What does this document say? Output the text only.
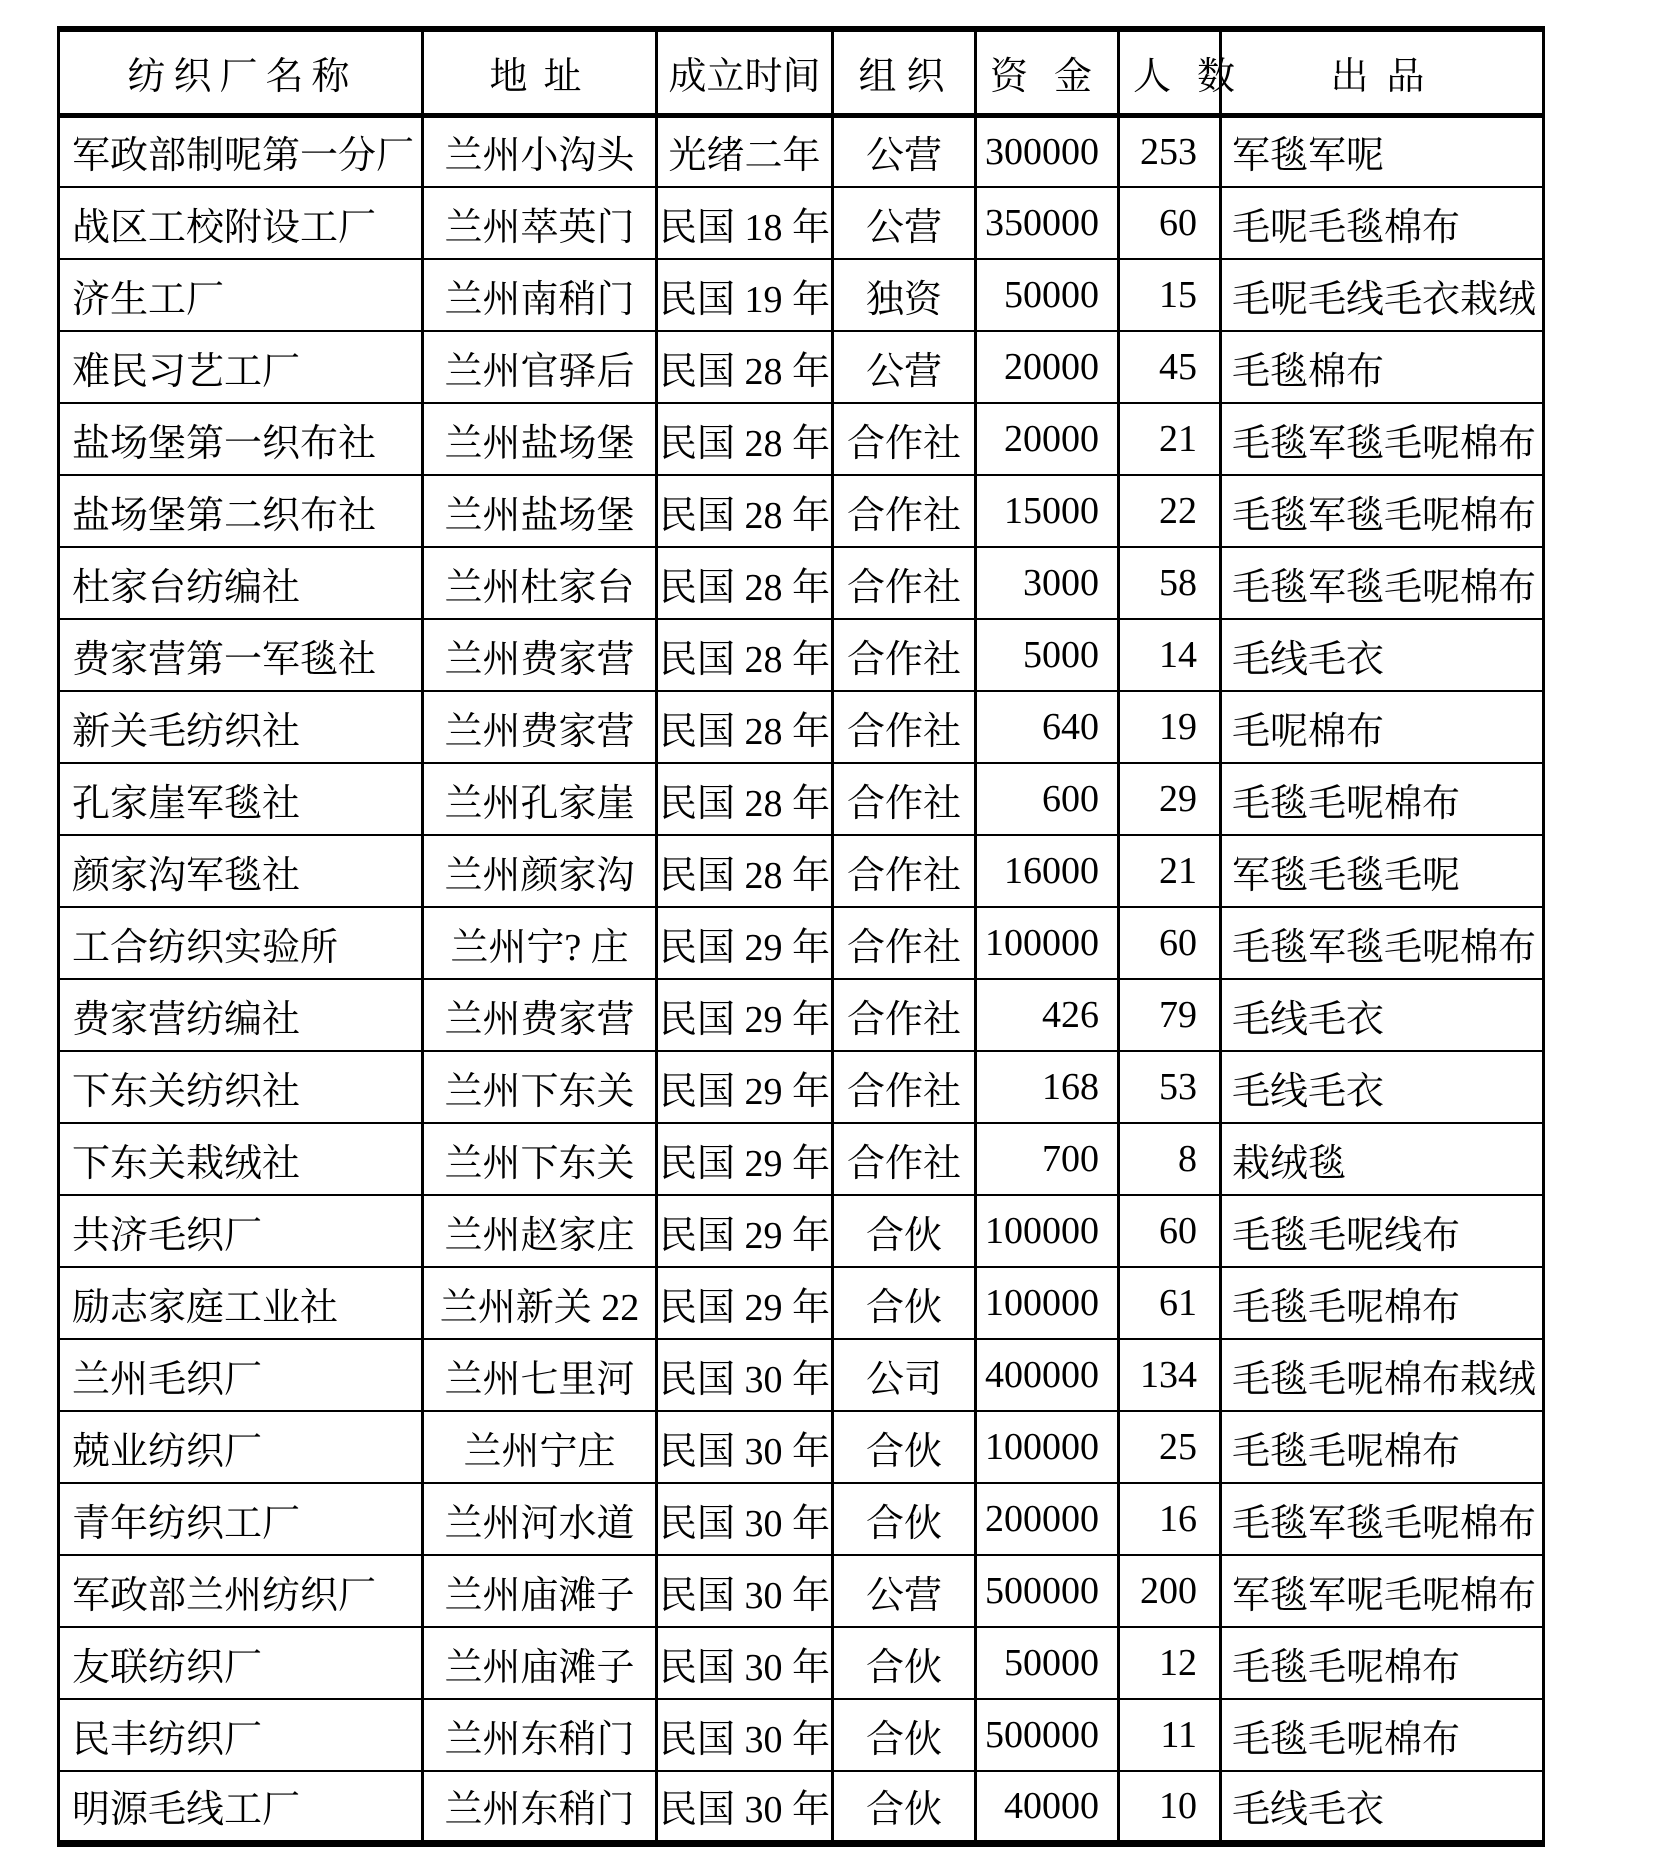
纺织厂名称	地址	成立时间	组织	资金	人数	出品
军政部制呢第一分厂	兰州小沟头	光绪二年	公营	300000	253	军毯军呢
战区工校附设工厂	兰州萃英门	民国 18 年	公营	350000	60	毛呢毛毯棉布
济生工厂	兰州南稍门	民国 19 年	独资	50000	15	毛呢毛线毛衣栽绒
难民习艺工厂	兰州官驿后	民国 28 年	公营	20000	45	毛毯棉布
盐场堡第一织布社	兰州盐场堡	民国 28 年	合作社	20000	21	毛毯军毯毛呢棉布
盐场堡第二织布社	兰州盐场堡	民国 28 年	合作社	15000	22	毛毯军毯毛呢棉布
杜家台纺编社	兰州杜家台	民国 28 年	合作社	3000	58	毛毯军毯毛呢棉布
费家营第一军毯社	兰州费家营	民国 28 年	合作社	5000	14	毛线毛衣
新关毛纺织社	兰州费家营	民国 28 年	合作社	640	19	毛呢棉布
孔家崖军毯社	兰州孔家崖	民国 28 年	合作社	600	29	毛毯毛呢棉布
颜家沟军毯社	兰州颜家沟	民国 28 年	合作社	16000	21	军毯毛毯毛呢
工合纺织实验所	兰州宁? 庄	民国 29 年	合作社	100000	60	毛毯军毯毛呢棉布
费家营纺编社	兰州费家营	民国 29 年	合作社	426	79	毛线毛衣
下东关纺织社	兰州下东关	民国 29 年	合作社	168	53	毛线毛衣
下东关栽绒社	兰州下东关	民国 29 年	合作社	700	8	栽绒毯
共济毛织厂	兰州赵家庄	民国 29 年	合伙	100000	60	毛毯毛呢线布
励志家庭工业社	兰州新关 22	民国 29 年	合伙	100000	61	毛毯毛呢棉布
兰州毛织厂	兰州七里河	民国 30 年	公司	400000	134	毛毯毛呢棉布栽绒
兢业纺织厂	兰州宁庄	民国 30 年	合伙	100000	25	毛毯毛呢棉布
青年纺织工厂	兰州河水道	民国 30 年	合伙	200000	16	毛毯军毯毛呢棉布
军政部兰州纺织厂	兰州庙滩子	民国 30 年	公营	500000	200	军毯军呢毛呢棉布
友联纺织厂	兰州庙滩子	民国 30 年	合伙	50000	12	毛毯毛呢棉布
民丰纺织厂	兰州东稍门	民国 30 年	合伙	500000	11	毛毯毛呢棉布
明源毛线工厂	兰州东稍门	民国 30 年	合伙	40000	10	毛线毛衣
